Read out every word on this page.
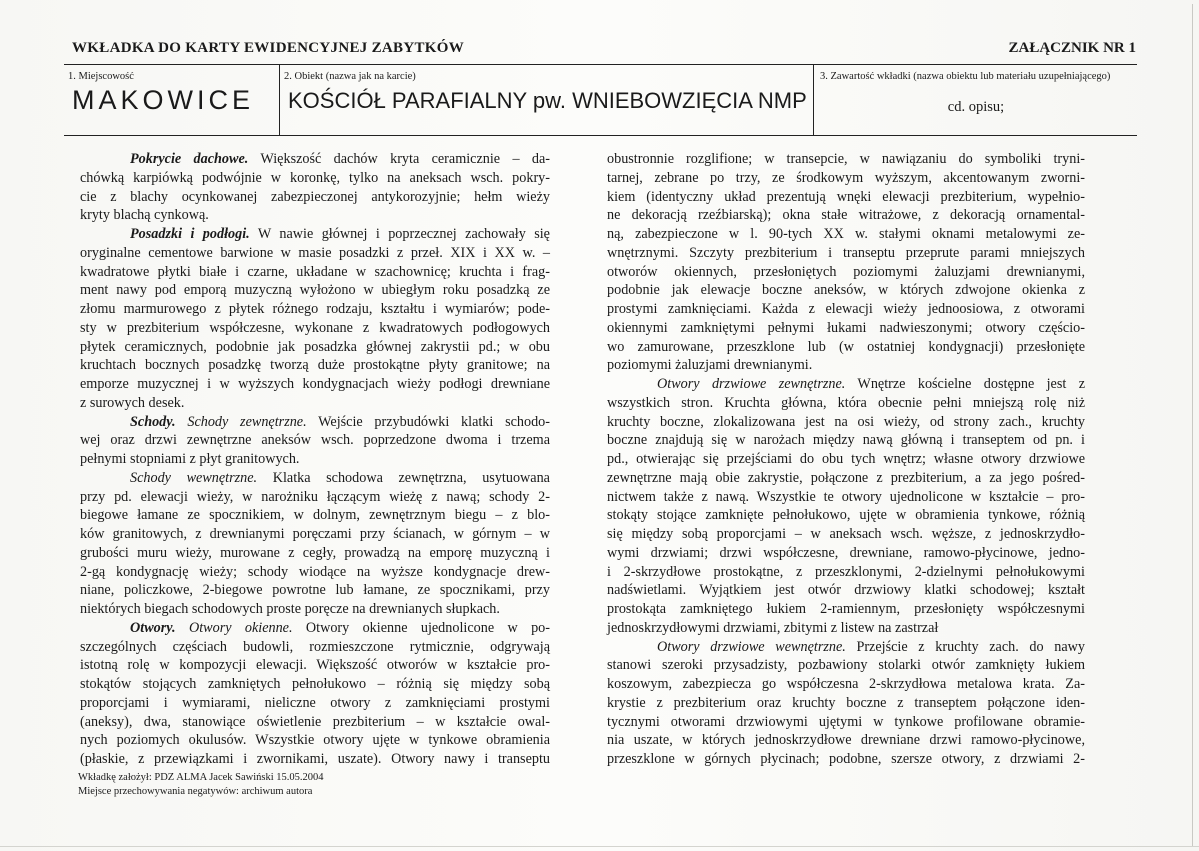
WKŁADKA DO KARTY EWIDENCYJNEJ ZABYTKÓW	ZAŁĄCZNIK NR 1
1. Miejscowość
MAKOWICE
2. Obiekt (nazwa jak na karcie)
KOŚCIÓŁ PARAFIALNY pw. WNIEBOWZIĘCIA NMP
3. Zawartość wkładki (nazwa obiektu lub materiału uzupełniającego)
cd. opisu;
Pokrycie dachowe. Większość dachów kryta ceramicznie – da-
chówką karpiówką podwójnie w koronkę, tylko na aneksach wsch. pokry-
cie z blachy ocynkowanej zabezpieczonej antykorozyjnie; hełm wieży
kryty blachą cynkową.
Posadzki i podłogi. W nawie głównej i poprzecznej zachowały się
oryginalne cementowe barwione w masie posadzki z przeł. XIX i XX w. –
kwadratowe płytki białe i czarne, układane w szachownicę; kruchta i frag-
ment nawy pod emporą muzyczną wyłożono w ubiegłym roku posadzką ze
złomu marmurowego z płytek różnego rodzaju, kształtu i wymiarów; pode-
sty w prezbiterium współczesne, wykonane z kwadratowych podłogowych
płytek ceramicznych, podobnie jak posadzka głównej zakrystii pd.; w obu
kruchtach bocznych posadzkę tworzą duże prostokątne płyty granitowe; na
emporze muzycznej i w wyższych kondygnacjach wieży podłogi drewniane
z surowych desek.
Schody. Schody zewnętrzne. Wejście przybudówki klatki schodo-
wej oraz drzwi zewnętrzne aneksów wsch. poprzedzone dwoma i trzema
pełnymi stopniami z płyt granitowych.
Schody wewnętrzne. Klatka schodowa zewnętrzna, usytuowana
przy pd. elewacji wieży, w narożniku łączącym wieżę z nawą; schody 2-
biegowe łamane ze spocznikiem, w dolnym, zewnętrznym biegu – z blo-
ków granitowych, z drewnianymi poręczami przy ścianach, w górnym – w
grubości muru wieży, murowane z cegły, prowadzą na emporę muzyczną i
2-gą kondygnację wieży; schody wiodące na wyższe kondygnacje drew-
niane, policzkowe, 2-biegowe powrotne lub łamane, ze spocznikami, przy
niektórych biegach schodowych proste poręcze na drewnianych słupkach.
Otwory. Otwory okienne. Otwory okienne ujednolicone w po-
szczególnych częściach budowli, rozmieszczone rytmicznie, odgrywają
istotną rolę w kompozycji elewacji. Większość otworów w kształcie pro-
stokątów stojących zamkniętych pełnołukowo – różnią się między sobą
proporcjami i wymiarami, nieliczne otwory z zamknięciami prostymi
(aneksy), dwa, stanowiące oświetlenie prezbiterium – w kształcie owal-
nych poziomych okulusów. Wszystkie otwory ujęte w tynkowe obramienia
(płaskie, z przewiązkami i zwornikami, uszate). Otwory nawy i transeptu
obustronnie rozglifione; w transepcie, w nawiązaniu do symboliki tryni-
tarnej, zebrane po trzy, ze środkowym wyższym, akcentowanym zworni-
kiem (identyczny układ prezentują wnęki elewacji prezbiterium, wypełnio-
ne dekoracją rzeźbiarską); okna stałe witrażowe, z dekoracją ornamental-
ną, zabezpieczone w l. 90-tych XX w. stałymi oknami metalowymi ze-
wnętrznymi. Szczyty prezbiterium i transeptu przeprute parami mniejszych
otworów okiennych, przesłoniętych poziomymi żaluzjami drewnianymi,
podobnie jak elewacje boczne aneksów, w których zdwojone okienka z
prostymi zamknięciami. Każda z elewacji wieży jednoosiowa, z otworami
okiennymi zamkniętymi pełnymi łukami nadwieszonymi; otwory częścio-
wo zamurowane, przeszklone lub (w ostatniej kondygnacji) przesłonięte
poziomymi żaluzjami drewnianymi.
Otwory drzwiowe zewnętrzne. Wnętrze kościelne dostępne jest z
wszystkich stron. Kruchta główna, która obecnie pełni mniejszą rolę niż
kruchty boczne, zlokalizowana jest na osi wieży, od strony zach., kruchty
boczne znajdują się w narożach między nawą główną i transeptem od pn. i
pd., otwierając się przejściami do obu tych wnętrz; własne otwory drzwiowe
zewnętrzne mają obie zakrystie, połączone z prezbiterium, a za jego pośred-
nictwem także z nawą. Wszystkie te otwory ujednolicone w kształcie – pro-
stokąty stojące zamknięte pełnołukowo, ujęte w obramienia tynkowe, różnią
się między sobą proporcjami – w aneksach wsch. węższe, z jednoskrzydło-
wymi drzwiami; drzwi współczesne, drewniane, ramowo-płycinowe, jedno-
i 2-skrzydłowe prostokątne, z przeszklonymi, 2-dzielnymi pełnołukowymi
nadświetlami. Wyjątkiem jest otwór drzwiowy klatki schodowej; kształt
prostokąta zamkniętego łukiem 2-ramiennym, przesłonięty współczesnymi
jednoskrzydłowymi drzwiami, zbitymi z listew na zastrzał
Otwory drzwiowe wewnętrzne. Przejście z kruchty zach. do nawy
stanowi szeroki przysadzisty, pozbawiony stolarki otwór zamknięty łukiem
koszowym, zabezpiecza go współczesna 2-skrzydłowa metalowa krata. Za-
krystie z prezbiterium oraz kruchty boczne z transeptem połączone iden-
tycznymi otworami drzwiowymi ujętymi w tynkowe profilowane obramie-
nia uszate, w których jednoskrzydłowe drewniane drzwi ramowo-płycinowe,
przeszklone w górnych płycinach; podobne, szersze otwory, z drzwiami 2-
Wkładkę założył: PDZ ALMA Jacek Sawiński 15.05.2004
Miejsce przechowywania negatywów: archiwum autora
